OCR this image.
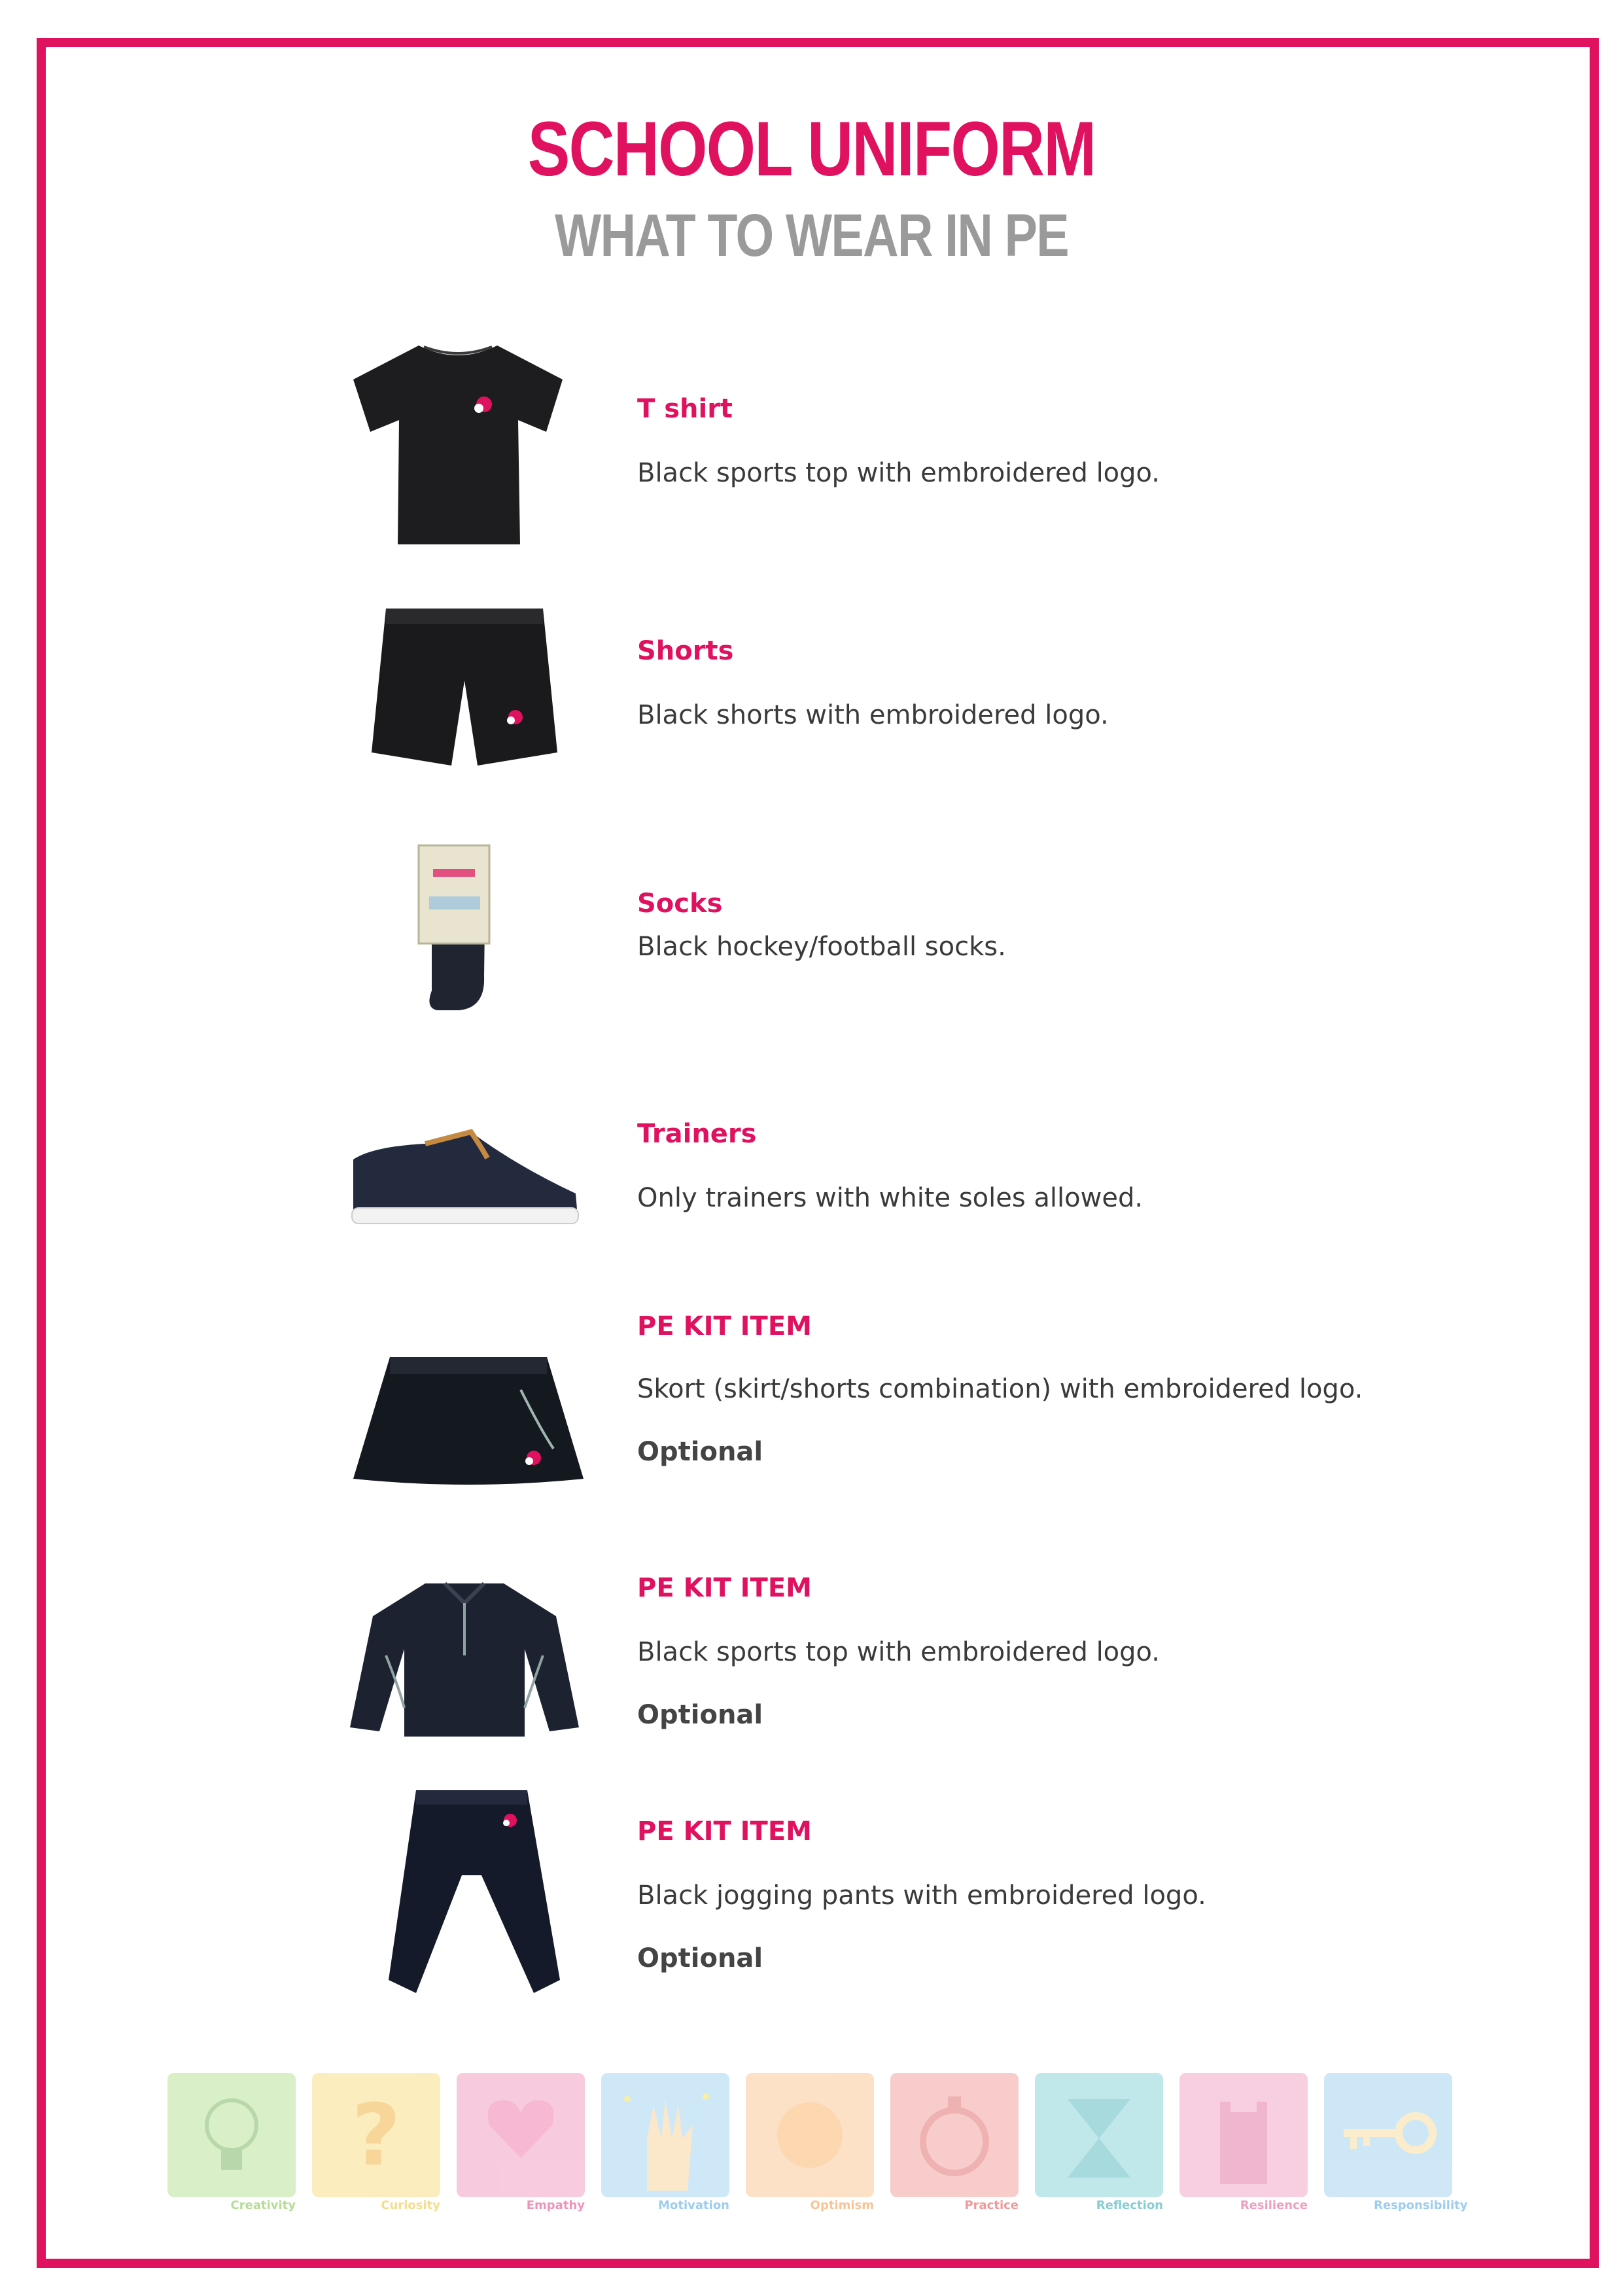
SCHOOL UNIFORM
WHAT TO WEAR IN PE
T shirt
Black sports top with embroidered logo.
Shorts
Black shorts with embroidered logo.
Socks
Black hockey/football socks.
Trainers
Only trainers with white soles allowed.
PE KIT ITEM
Skort (skirt/shorts combination) with embroidered logo.
Optional
PE KIT ITEM
Black sports top with embroidered logo.
Optional
PE KIT ITEM
Black jogging pants with embroidered logo.
Optional
?
Creativity	Curiosity	Empathy	Motivation	Optimism	Practice	Reflection	Resilience	Responsibility
